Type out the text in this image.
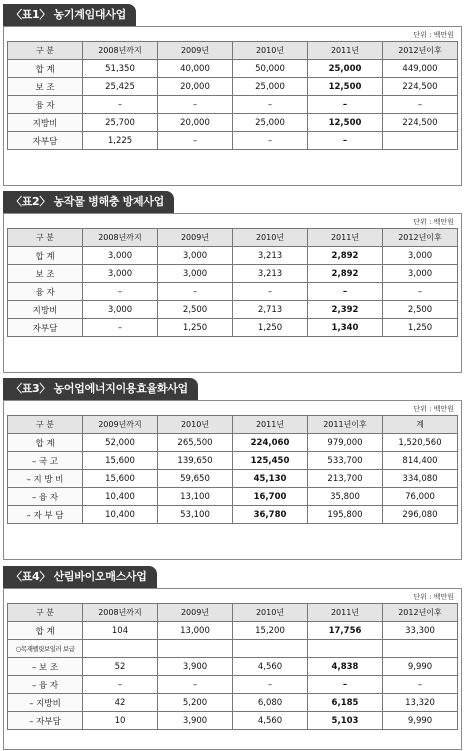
〈표1〉 농기계임대사업
단위 : 백만원
구 분	2008년까지	2009년	2010년	2011년	2012년이후
합 계	51,350	40,000	50,000	25,000	449,000
보 조	25,425	20,000	25,000	12,500	224,500
융 자	–	–	–	–	–
지방비	25,700	20,000	25,000	12,500	224,500
자부담	1,225	–	–	–	
〈표2〉 농작물 병해충 방제사업
단위 : 백만원
구 분	2008년까지	2009년	2010년	2011년	2012년이후
합 계	3,000	3,000	3,213	2,892	3,000
보 조	3,000	3,000	3,213	2,892	3,000
융 자	–	–	–	–	–
지방비	3,000	2,500	2,713	2,392	2,500
자부담	–	1,250	1,250	1,340	1,250
〈표3〉 농어업에너지이용효율화사업
단위 : 백만원
구 분	2009년까지	2010년	2011년	2011년이후	계
합 계	52,000	265,500	224,060	979,000	1,520,560
– 국 고	15,600	139,650	125,450	533,700	814,400
– 지 방 비	15,600	59,650	45,130	213,700	334,080
– 융 자	10,400	13,100	16,700	35,800	76,000
– 자 부 담	10,400	53,100	36,780	195,800	296,080
〈표4〉 산림바이오매스사업
단위 : 백만원
구 분	2008년까지	2009년	2010년	2011년	2012년이후
합 계	104	13,000	15,200	17,756	33,300
○목재펠릿보일러 보급					
– 보 조	52	3,900	4,560	4,838	9,990
– 융 자	–	–	–	–	–
– 지방비	42	5,200	6,080	6,185	13,320
– 자부담	10	3,900	4,560	5,103	9,990
